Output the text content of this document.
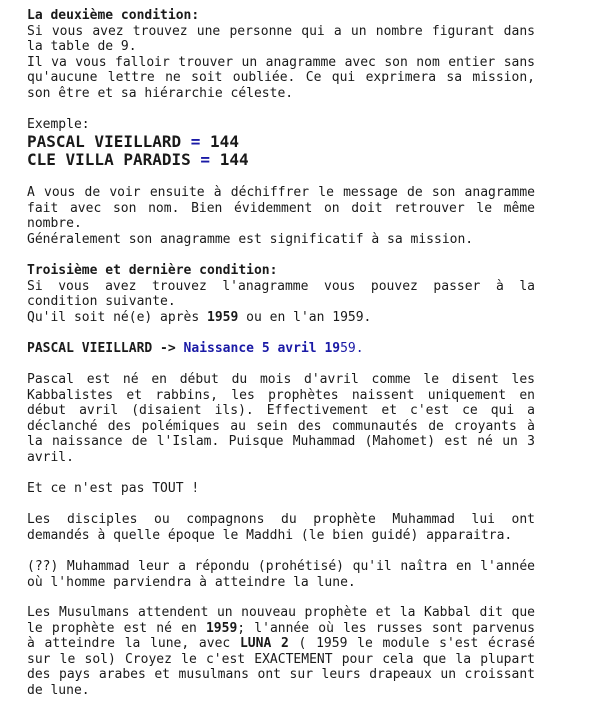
La deuxième condition:
Si vous avez trouvez une personne qui a un nombre figurant dans la table de 9.
Il va vous falloir trouver un anagramme avec son nom entier sans qu'aucune lettre ne soit oubliée. Ce qui exprimera sa mission, son être et sa hiérarchie céleste.
Exemple:
PASCAL VIEILLARD = 144
CLE VILLA PARADIS = 144
A vous de voir ensuite à déchiffrer le message de son anagramme fait avec son nom. Bien évidemment on doit retrouver le même nombre.
Généralement son anagramme est significatif à sa mission.
Troisième et dernière condition:
Si vous avez trouvez l'anagramme vous pouvez passer à la condition suivante.
Qu'il soit né(e) après 1959 ou en l'an 1959.
PASCAL VIEILLARD -> Naissance 5 avril 1959.
Pascal est né en début du mois d'avril comme le disent les Kabbalistes et rabbins, les prophètes naissent uniquement en début avril (disaient ils). Effectivement et c'est ce qui a déclanché des polémiques au sein des communautés de croyants à la naissance de l'Islam. Puisque Muhammad (Mahomet) est né un 3 avril.
Et ce n'est pas TOUT !
Les disciples ou compagnons du prophète Muhammad lui ont demandés à quelle époque le Maddhi (le bien guidé) apparaitra.
(??) Muhammad leur a répondu (prohétisé) qu'il naîtra en l'année où l'homme parviendra à atteindre la lune.
Les Musulmans attendent un nouveau prophète et la Kabbal dit que le prophète est né en 1959; l'année où les russes sont parvenus à atteindre la lune, avec LUNA 2 ( 1959 le module s'est écrasé sur le sol) Croyez le c'est EXACTEMENT pour cela que la plupart des pays arabes et musulmans ont sur leurs drapeaux un croissant de lune.
